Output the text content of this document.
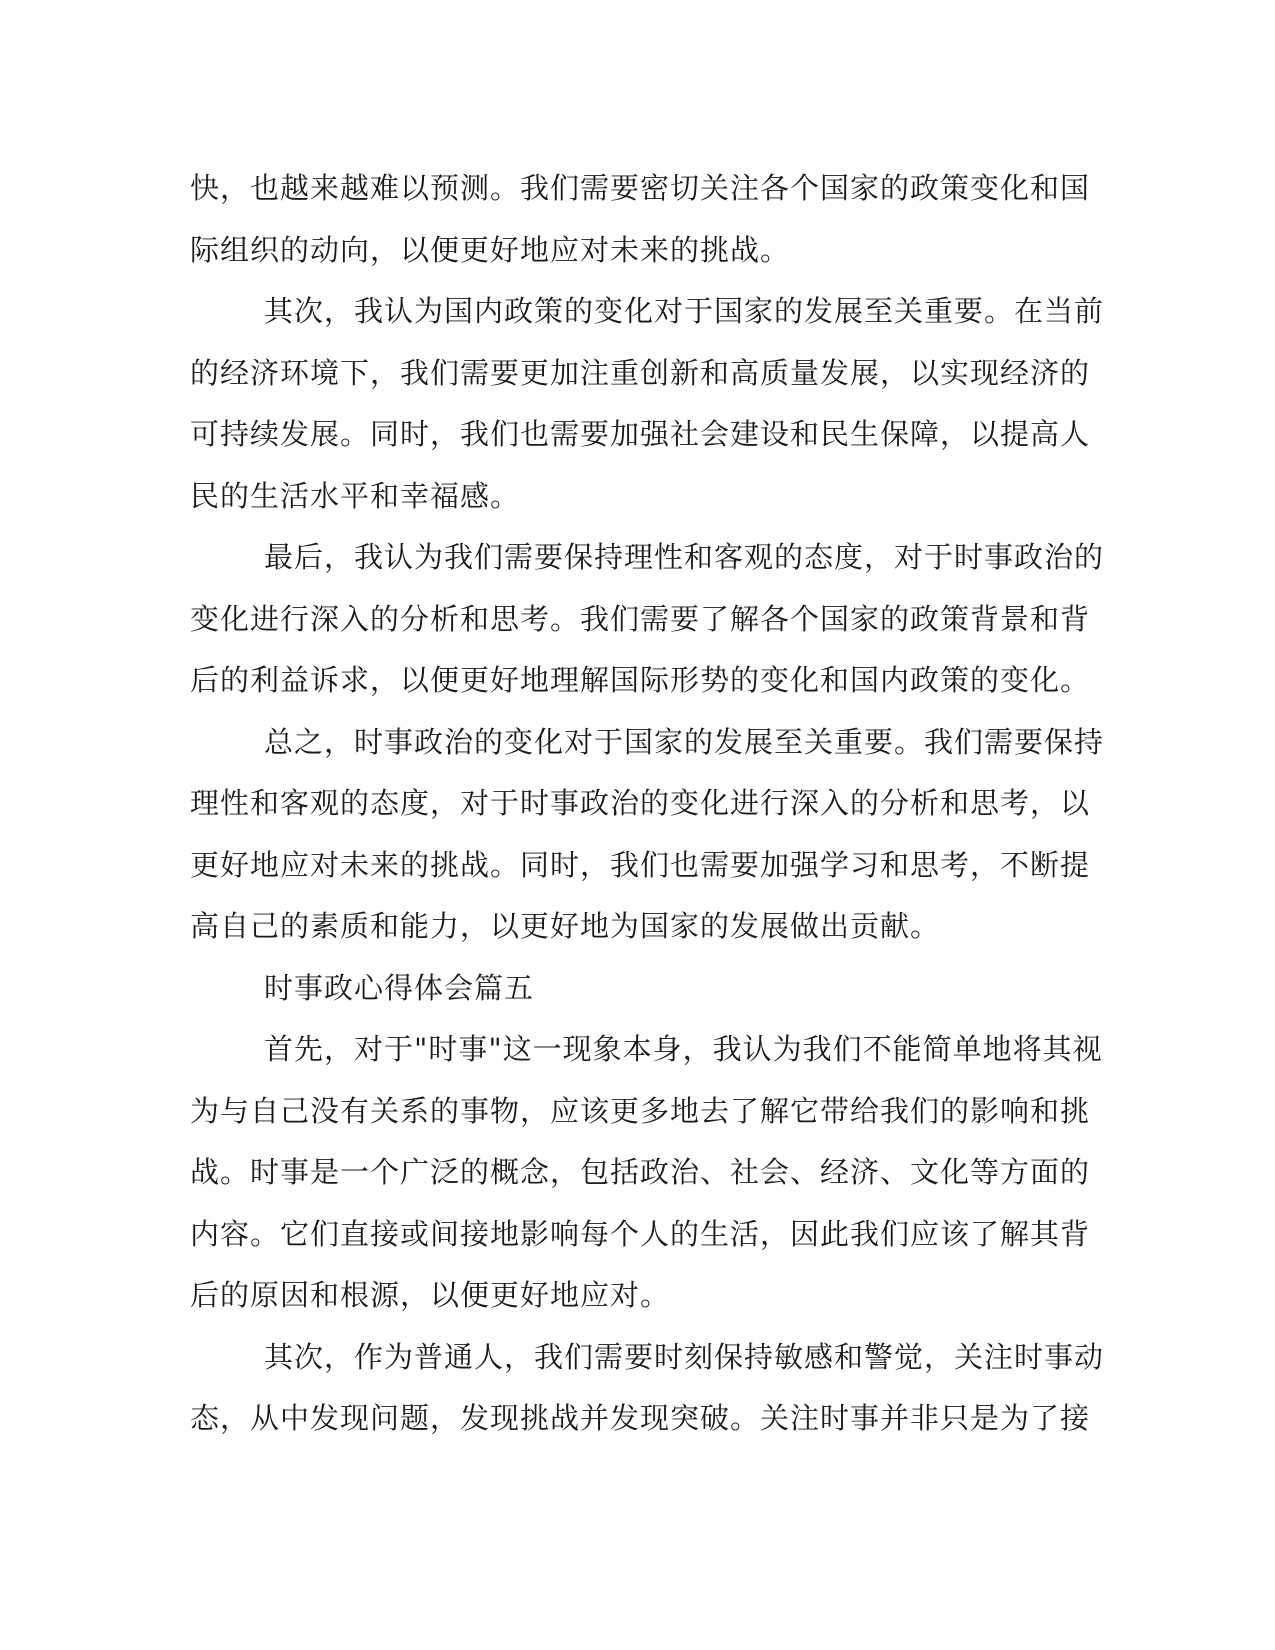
快，也越来越难以预测。我们需要密切关注各个国家的政策变化和国
际组织的动向，以便更好地应对未来的挑战。
其次，我认为国内政策的变化对于国家的发展至关重要。在当前
的经济环境下，我们需要更加注重创新和高质量发展，以实现经济的
可持续发展。同时，我们也需要加强社会建设和民生保障，以提高人
民的生活水平和幸福感。
最后，我认为我们需要保持理性和客观的态度，对于时事政治的
变化进行深入的分析和思考。我们需要了解各个国家的政策背景和背
后的利益诉求，以便更好地理解国际形势的变化和国内政策的变化。
总之，时事政治的变化对于国家的发展至关重要。我们需要保持
理性和客观的态度，对于时事政治的变化进行深入的分析和思考，以
更好地应对未来的挑战。同时，我们也需要加强学习和思考，不断提
高自己的素质和能力，以更好地为国家的发展做出贡献。
时事政心得体会篇五
首先，对于"时事"这一现象本身，我认为我们不能简单地将其视
为与自己没有关系的事物，应该更多地去了解它带给我们的影响和挑
战。时事是一个广泛的概念，包括政治、社会、经济、文化等方面的
内容。它们直接或间接地影响每个人的生活，因此我们应该了解其背
后的原因和根源，以便更好地应对。
其次，作为普通人，我们需要时刻保持敏感和警觉，关注时事动
态，从中发现问题，发现挑战并发现突破。关注时事并非只是为了接
